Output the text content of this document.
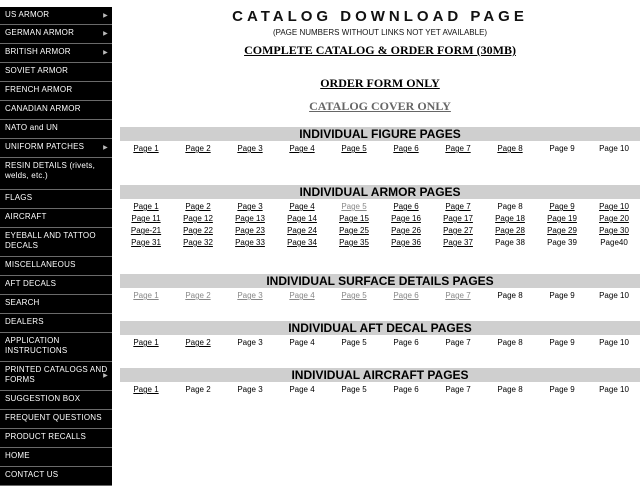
US ARMOR	▶
GERMAN ARMOR	▶
BRITISH ARMOR	▶
SOVIET ARMOR
FRENCH ARMOR
CANADIAN ARMOR
NATO and UN
UNIFORM PATCHES	▶
RESIN DETAILS (rivets, welds, etc.)
FLAGS
AIRCRAFT
EYEBALL AND TATTOO DECALS
MISCELLANEOUS
AFT DECALS
SEARCH
DEALERS
APPLICATION INSTRUCTIONS
PRINTED CATALOGS AND FORMS	▶
SUGGESTION BOX
FREQUENT QUESTIONS
PRODUCT RECALLS
HOME
CONTACT US
CATALOG DOWNLOAD PAGE
(PAGE NUMBERS WITHOUT LINKS NOT YET AVAILABLE)
COMPLETE CATALOG & ORDER FORM (30MB)
ORDER FORM ONLY
CATALOG COVER ONLY
INDIVIDUAL FIGURE PAGES
Page 1	Page 2	Page 3	Page 4	Page 5	Page 6	Page 7	Page 8	Page 9	Page 10
INDIVIDUAL ARMOR PAGES
Page 1	Page 2	Page 3	Page 4	Page 5	Page 6	Page 7	Page 8	Page 9	Page 10
Page 11	Page 12	Page 13	Page 14	Page 15	Page 16	Page 17	Page 18	Page 19	Page 20
Page-21	Page 22	Page 23	Page 24	Page 25	Page 26	Page 27	Page 28	Page 29	Page 30
Page 31	Page 32	Page 33	Page 34	Page 35	Page 36	Page 37	Page 38	Page 39	Page40
INDIVIDUAL SURFACE DETAILS PAGES
Page 1	Page 2	Page 3	Page 4	Page 5	Page 6	Page 7	Page 8	Page 9	Page 10
INDIVIDUAL AFT DECAL PAGES
Page 1	Page 2	Page 3	Page 4	Page 5	Page 6	Page 7	Page 8	Page 9	Page 10
INDIVIDUAL AIRCRAFT PAGES
Page 1	Page 2	Page 3	Page 4	Page 5	Page 6	Page 7	Page 8	Page 9	Page 10
